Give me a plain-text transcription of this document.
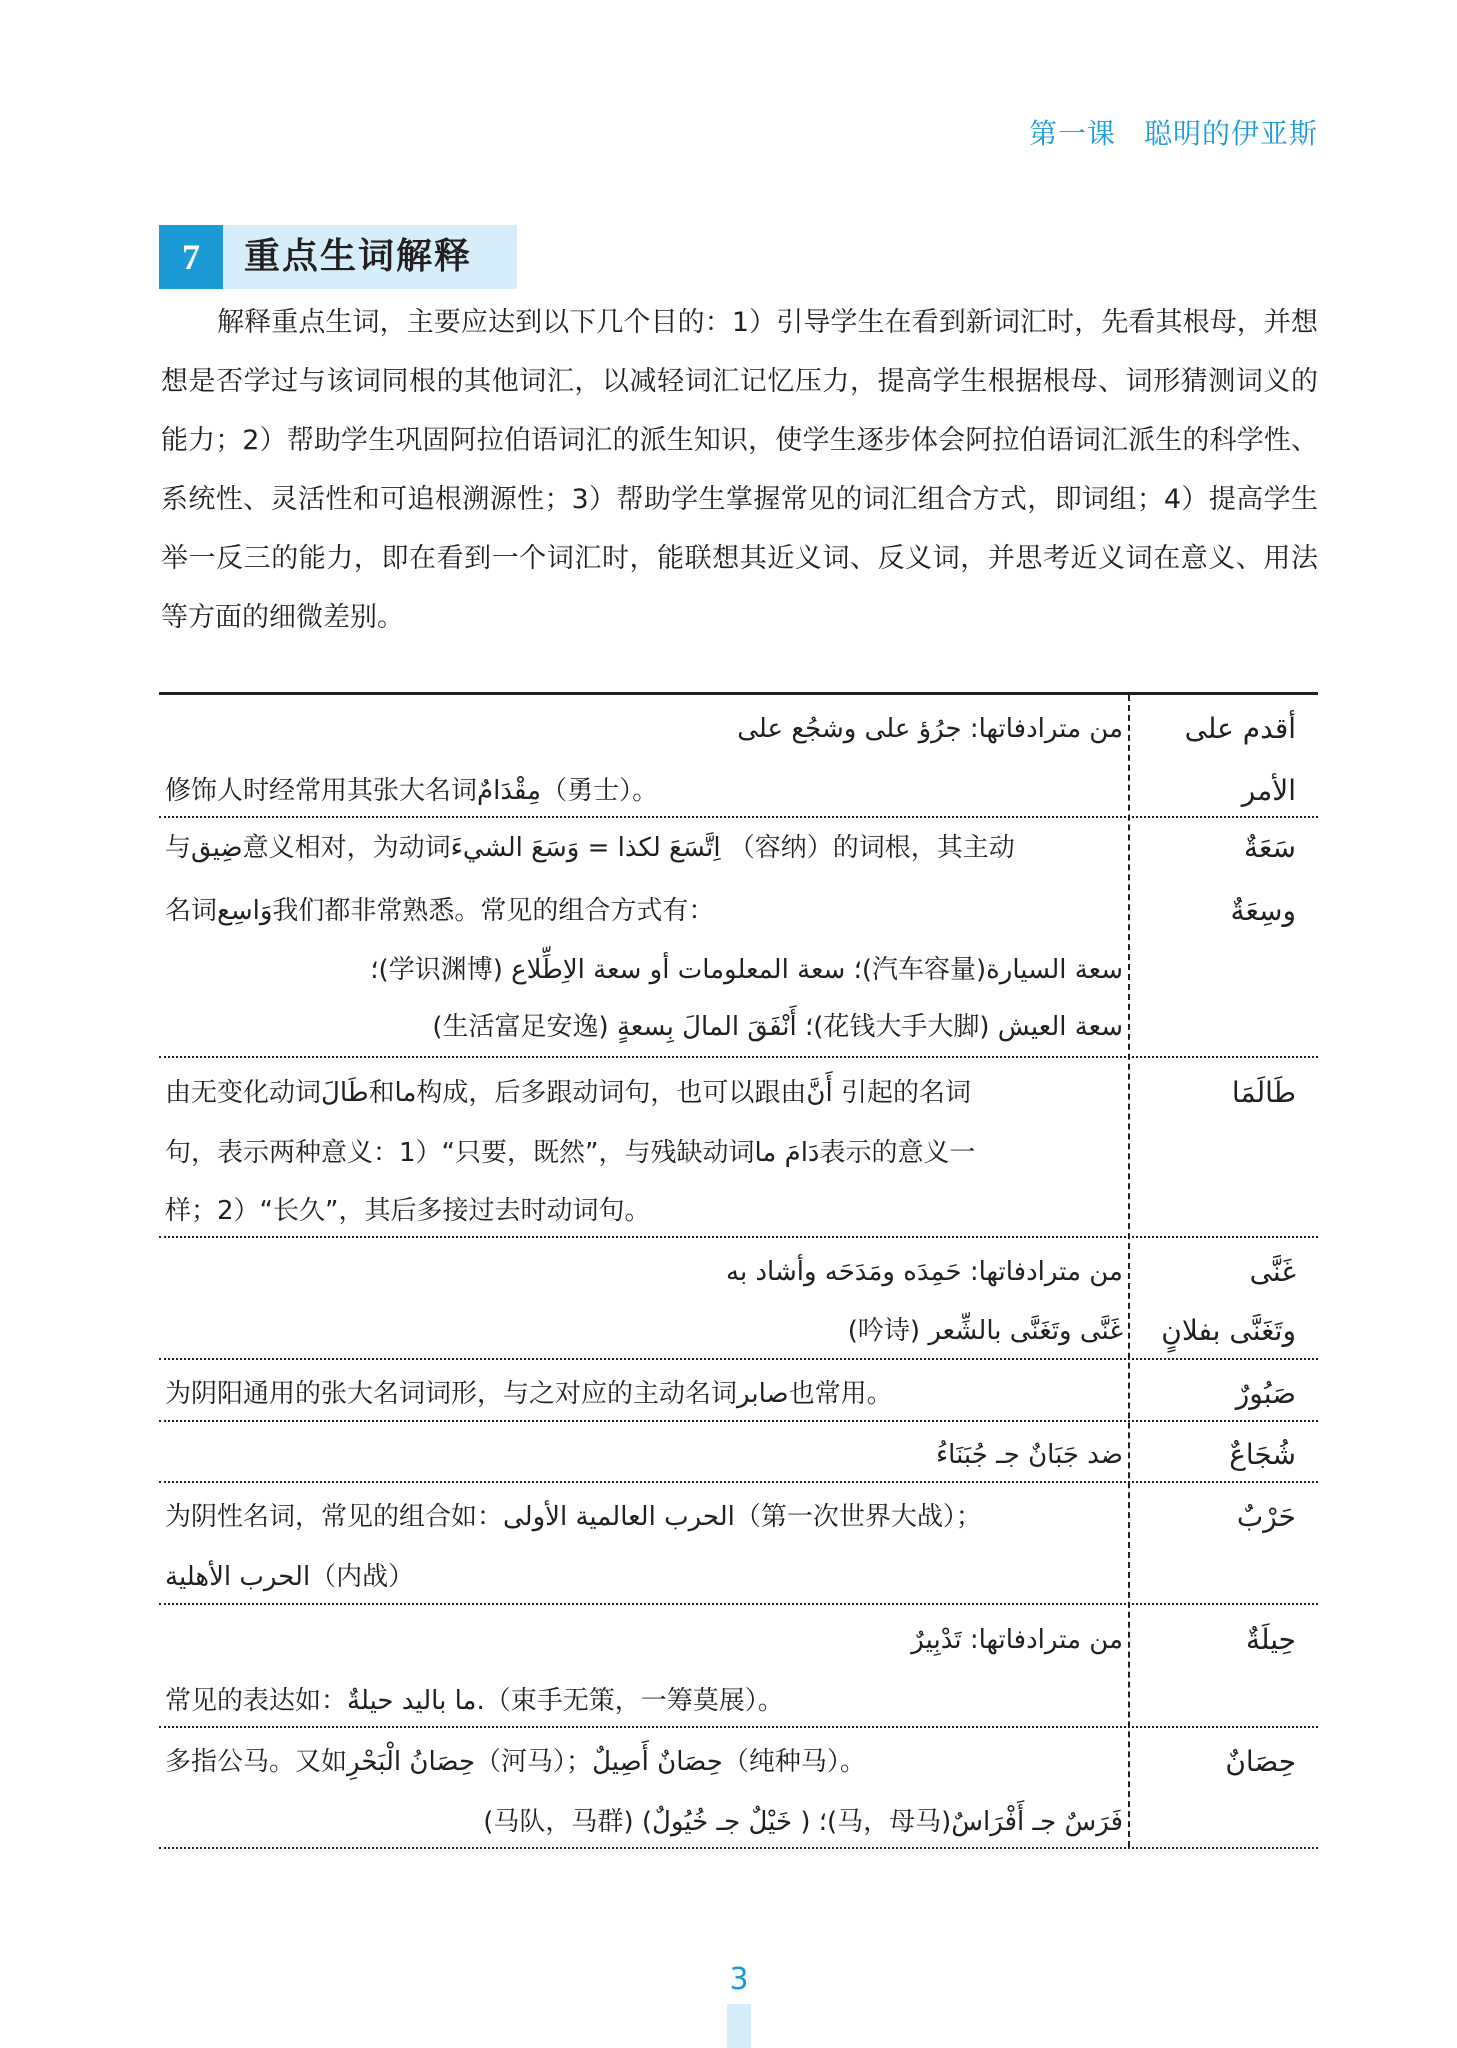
第一课 聪明的伊亚斯
7	重点生词解释
解释重点生词，主要应达到以下几个目的：1）引导学生在看到新词汇时，先看其根母，并想想是否学过与该词同根的其他词汇，以减轻词汇记忆压力，提高学生根据根母、词形猜测词义的能力；2）帮助学生巩固阿拉伯语词汇的派生知识，使学生逐步体会阿拉伯语词汇派生的科学性、系统性、灵活性和可追根溯源性；3）帮助学生掌握常见的词汇组合方式，即词组；4）提高学生举一反三的能力，即在看到一个词汇时，能联想其近义词、反义词，并思考近义词在意义、用法等方面的细微差别。
أقدم على
الأمر
من مترادفاتها: جرُؤ على وشجُع على
修饰人时经常用其张大名词مِقْدَامٌ（勇士）。
سَعَةٌ
وسِعَةٌ
与ضِيق意义相对，为动词اِتَّسَعَ لكذا = وَسَعَ الشيءَ （容纳）的词根，其主动
名词وَاسِع我们都非常熟悉。常见的组合方式有：
سعة السيارة(汽车容量)؛ سعة المعلومات أو سعة الاِطِّلاع (学识渊博)؛
سعة العيش (花钱大手大脚)؛ أَنْفَقَ المالَ بِسعةٍ (生活富足安逸)
طَالَمَا
由无变化动词طَالَ和ما构成，后多跟动词句，也可以跟由أَنَّ 引起的名词
句，表示两种意义：1）“只要，既然”，与残缺动词دَامَ ما表示的意义一
样；2）“长久”，其后多接过去时动词句。
غَنَّى
وتَغَنَّى بفلانٍ
من مترادفاتها: حَمِدَه ومَدَحَه وأشاد به
غَنَّى وتَغَنَّى بالشِّعر (吟诗)
صَبُورٌ
为阴阳通用的张大名词词形，与之对应的主动名词صابر也常用。
شُجَاعٌ
ضد جَبَانٌ جـ جُبَنَاءُ
حَرْبٌ
为阴性名词，常见的组合如：الحرب العالمية الأولى（第一次世界大战）；
الحرب الأهلية（内战）
حِيلَةٌ
من مترادفاتها: تَدْبِيرٌ
常见的表达如：ما باليد حيلةٌ.（束手无策，一筹莫展）。
حِصَانٌ
多指公马。又如حِصَانُ الْبَحْرِ（河马）；حِصَانٌ أَصِيلٌ（纯种马）。
فَرَسٌ جـ أَفْرَاسٌ(马，母马)؛ ( خَيْلٌ جـ خُيُولٌ) (马队，马群)
3
